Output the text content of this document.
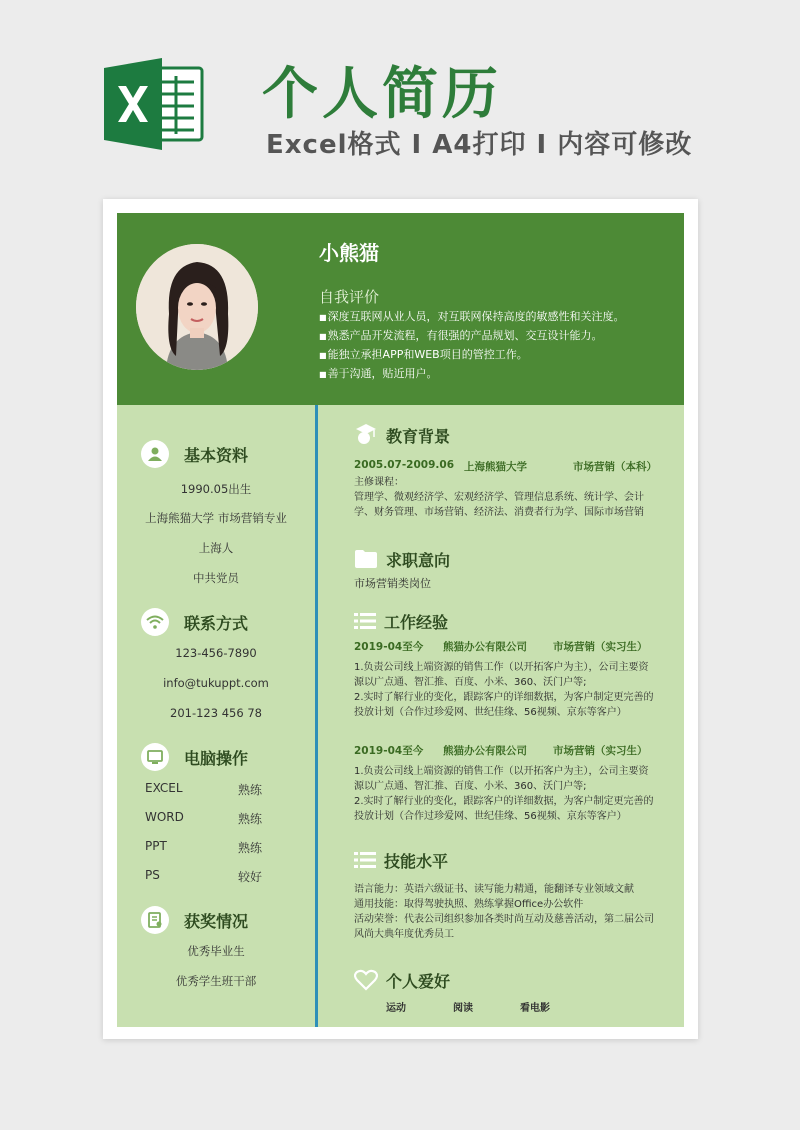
个人简历
Excel格式 I A4打印 I 内容可修改
小熊猫
自我评价
■ 深度互联网从业人员，对互联网保持高度的敏感性和关注度。
■ 熟悉产品开发流程，有很强的产品规划、交互设计能力。
■ 能独立承担APP和WEB项目的管控工作。
■ 善于沟通，贴近用户。
基本资料
1990.05出生
上海熊猫大学 市场营销专业
上海人
中共党员
联系方式
123-456-7890
info@tukuppt.com
201-123 456 78
电脑操作
EXCEL	熟练
WORD	熟练
PPT	熟练
PS	较好
获奖情况
优秀毕业生
优秀学生班干部
教育背景
2005.07-2009.06 上海熊猫大学	市场营销（本科）
主修课程：
管理学、微观经济学、宏观经济学、管理信息系统、统计学、会计学、财务管理、市场营销、经济法、消费者行为学、国际市场营销
求职意向
市场营销类岗位
工作经验
2019-04至今 熊猫办公有限公司 市场营销（实习生）
1.负责公司线上端资源的销售工作（以开拓客户为主），公司主要资源以广点通、智汇推、百度、小米、360、沃门户等;
2.实时了解行业的变化，跟踪客户的详细数据，为客户制定更完善的投放计划（合作过珍爱网、世纪佳缘、56视频、京东等客户）
2019-04至今 熊猫办公有限公司 市场营销（实习生）
1.负责公司线上端资源的销售工作（以开拓客户为主），公司主要资源以广点通、智汇推、百度、小米、360、沃门户等;
2.实时了解行业的变化，跟踪客户的详细数据，为客户制定更完善的投放计划（合作过珍爱网、世纪佳缘、56视频、京东等客户）
技能水平
语言能力：英语六级证书、读写能力精通，能翻译专业领域文献
通用技能：取得驾驶执照、熟练掌握Office办公软件
活动荣誉：代表公司组织参加各类时尚互动及慈善活动，第二届公司风尚大典年度优秀员工
个人爱好
运动	阅读	看电影
